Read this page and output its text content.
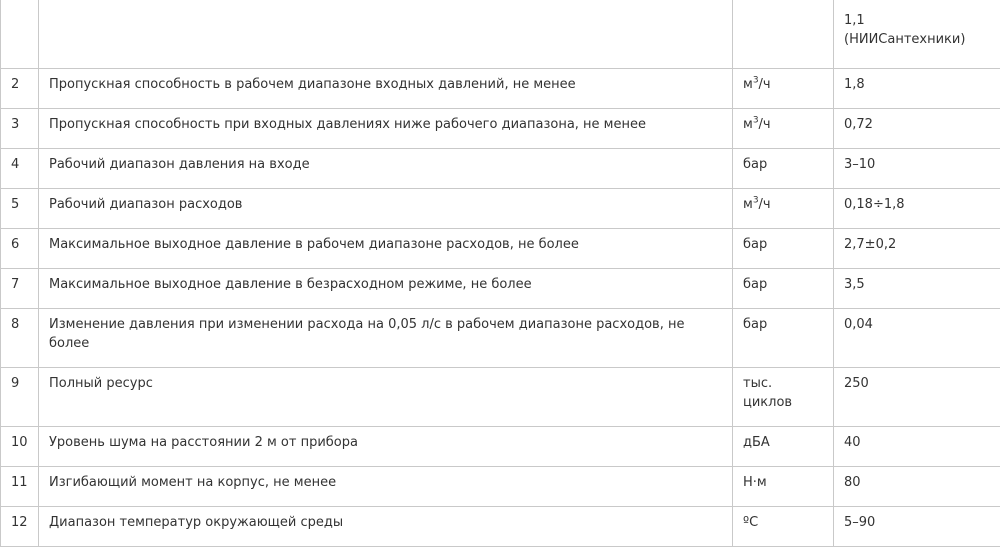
			1,1
(НИИСантехники)

2	Пропускная способность в рабочем диапазоне входных давлений, не менее	$м^3/ч$	1,8
3	Пропускная способность при входных давлениях ниже рабочего диапазона, не менее	$м^3/ч$	0,72
4	Рабочий диапазон давления на входе	бар	3–10
5	Рабочий диапазон расходов	$м^3/ч$	0,18÷1,8
6	Максимальное выходное давление в рабочем диапазоне расходов, не более	бар	2,7±0,2
7	Максимальное выходное давление в безрасходном режиме, не более	бар	3,5
8	Изменение давления при изменении расхода на 0,05 л/с в рабочем диапазоне расходов, не более	бар	0,04
9	Полный ресурс	тыс. циклов	250
10	Уровень шума на расстоянии 2 м от прибора	дБА	40
11	Изгибающий момент на корпус, не менее	Н·м	80
12	Диапазон температур окружающей среды	ºС	5–90
